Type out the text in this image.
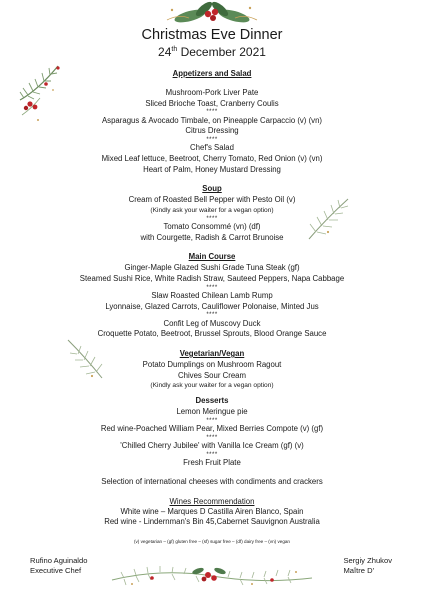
Christmas Eve Dinner
24th December 2021
Appetizers and Salad
Mushroom-Pork Liver Pate
Sliced Brioche Toast, Cranberry Coulis
****
Asparagus & Avocado Timbale, on Pineapple Carpaccio (v) (vn)
Citrus Dressing
****
Chef's Salad
Mixed Leaf lettuce, Beetroot, Cherry Tomato, Red Onion (v) (vn)
Heart of Palm, Honey Mustard Dressing
Soup
Cream of Roasted Bell Pepper with Pesto Oil (v)
(Kindly ask your waiter for a vegan option)
****
Tomato Consommé (vn) (df)
with Courgette, Radish & Carrot Brunoise
Main Course
Ginger-Maple Glazed Sushi Grade Tuna Steak (gf)
Steamed Sushi Rice, White Radish Straw, Sauteed Peppers, Napa Cabbage
****
Slaw Roasted Chilean Lamb Rump
Lyonnaise, Glazed Carrots, Cauliflower Polonaise, Minted Jus
****
Confit Leg of Muscovy Duck
Croquette Potato, Beetroot, Brussel Sprouts, Blood Orange Sauce
Vegetarian/Vegan
Potato Dumplings on Mushroom Ragout
Chives Sour Cream
(Kindly ask your waiter for a vegan option)
Desserts
Lemon Meringue pie
****
Red wine-Poached William Pear, Mixed Berries Compote (v) (gf)
****
'Chilled Cherry Jubilee' with Vanilla Ice Cream (gf) (v)
****
Fresh Fruit Plate
Selection of international cheeses with condiments and crackers
Wines Recommendation
White wine – Marques D Castilla Airen Blanco, Spain
Red wine - Lindernman's Bin 45,Cabernet Sauvignon Australia
(v) vegetarian – (gf) gluten free – (sf) sugar free – (df) dairy free – (vn) vegan
Rufino Aguinaldo
Executive Chef
Sergiy Zhukov
Maître D'
